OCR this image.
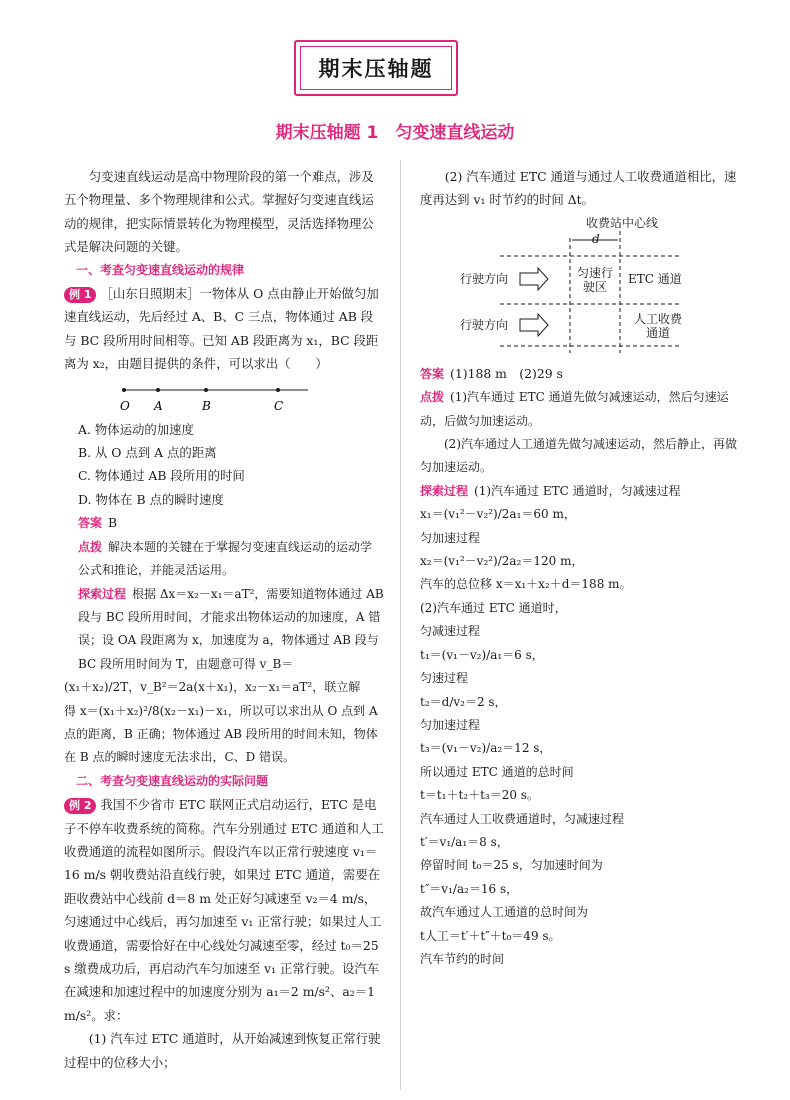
期末压轴题
期末压轴题 1　匀变速直线运动

匀变速直线运动是高中物理阶段的第一个难点，涉及五个物理量、多个物理规律和公式。掌握好匀变速直线运动的规律，把实际情景转化为物理模型，灵活选择物理公式是解决问题的关键。

一、考查匀变速直线运动的规律

例 1 ［山东日照期末］一物体从 O 点由静止开始做匀加速直线运动，先后经过 A、B、C 三点，物体通过 AB 段与 BC 段所用时间相等。已知 AB 段距离为 x₁，BC 段距离为 x₂，由题目提供的条件，可以求出（　　）

O A	B	C

A. 物体运动的加速度

B. 从 O 点到 A 点的距离

C. 物体通过 AB 段所用的时间

D. 物体在 B 点的瞬时速度

答案 B

点拨 解决本题的关键在于掌握匀变速直线运动的运动学公式和推论，并能灵活运用。

探索过程 根据 Δx＝x₂－x₁＝aT²，需要知道物体通过 AB 段与 BC 段所用时间，才能求出物体运动的加速度，A 错误；设 OA 段距离为 x，加速度为 a，物体通过 AB 段与 BC 段所用时间为 T，由题意可得 v_B＝

(x₁＋x₂)/2T，v_B²＝2a(x＋x₁)，x₂－x₁＝aT²，联立解

得 x＝(x₁＋x₂)²/8(x₂－x₁)－x₁，所以可以求出从 O 点到 A 点的距离，B 正确；物体通过 AB 段所用的时间未知，物体在 B 点的瞬时速度无法求出，C、D 错误。

二、考查匀变速直线运动的实际问题

例 2 我国不少省市 ETC 联网正式启动运行，ETC 是电子不停车收费系统的简称。汽车分别通过 ETC 通道和人工收费通道的流程如图所示。假设汽车以正常行驶速度 v₁＝16 m/s 朝收费站沿直线行驶，如果过 ETC 通道，需要在距收费站中心线前 d＝8 m 处正好匀减速至 v₂＝4 m/s，匀速通过中心线后，再匀加速至 v₁ 正常行驶；如果过人工收费通道，需要恰好在中心线处匀减速至零，经过 t₀＝25 s 缴费成功后，再启动汽车匀加速至 v₁ 正常行驶。设汽车在减速和加速过程中的加速度分别为 a₁＝2 m/s²、a₂＝1 m/s²。求：

(1) 汽车过 ETC 通道时，从开始减速到恢复正常行驶过程中的位移大小；

(2) 汽车通过 ETC 通道与通过人工收费通道相比，速度再达到 v₁ 时节约的时间 Δt。

收费站中心线
d
行驶方向
行驶方向
匀速行驶区
ETC 通道
人工收费通道

答案 (1)188 m　(2)29 s

点拨 (1)汽车通过 ETC 通道先做匀减速运动，然后匀速运动，后做匀加速运动。

(2)汽车通过人工通道先做匀减速运动，然后静止，再做匀加速运动。

探索过程 (1)汽车通过 ETC 通道时，匀减速过程

x₁＝(v₁²－v₂²)/2a₁＝60 m，

匀加速过程

x₂＝(v₁²－v₂²)/2a₂＝120 m，

汽车的总位移 x＝x₁＋x₂＋d＝188 m。

(2)汽车通过 ETC 通道时，

匀减速过程

t₁＝(v₁－v₂)/a₁＝6 s，

匀速过程

t₂＝d/v₂＝2 s，

匀加速过程

t₃＝(v₁－v₂)/a₂＝12 s，

所以通过 ETC 通道的总时间

t＝t₁＋t₂＋t₃＝20 s。

汽车通过人工收费通道时，匀减速过程

t′＝v₁/a₁＝8 s，

停留时间 t₀＝25 s，匀加速时间为

t″＝v₁/a₂＝16 s，

故汽车通过人工通道的总时间为

t人工＝t′＋t″＋t₀＝49 s。

汽车节约的时间
